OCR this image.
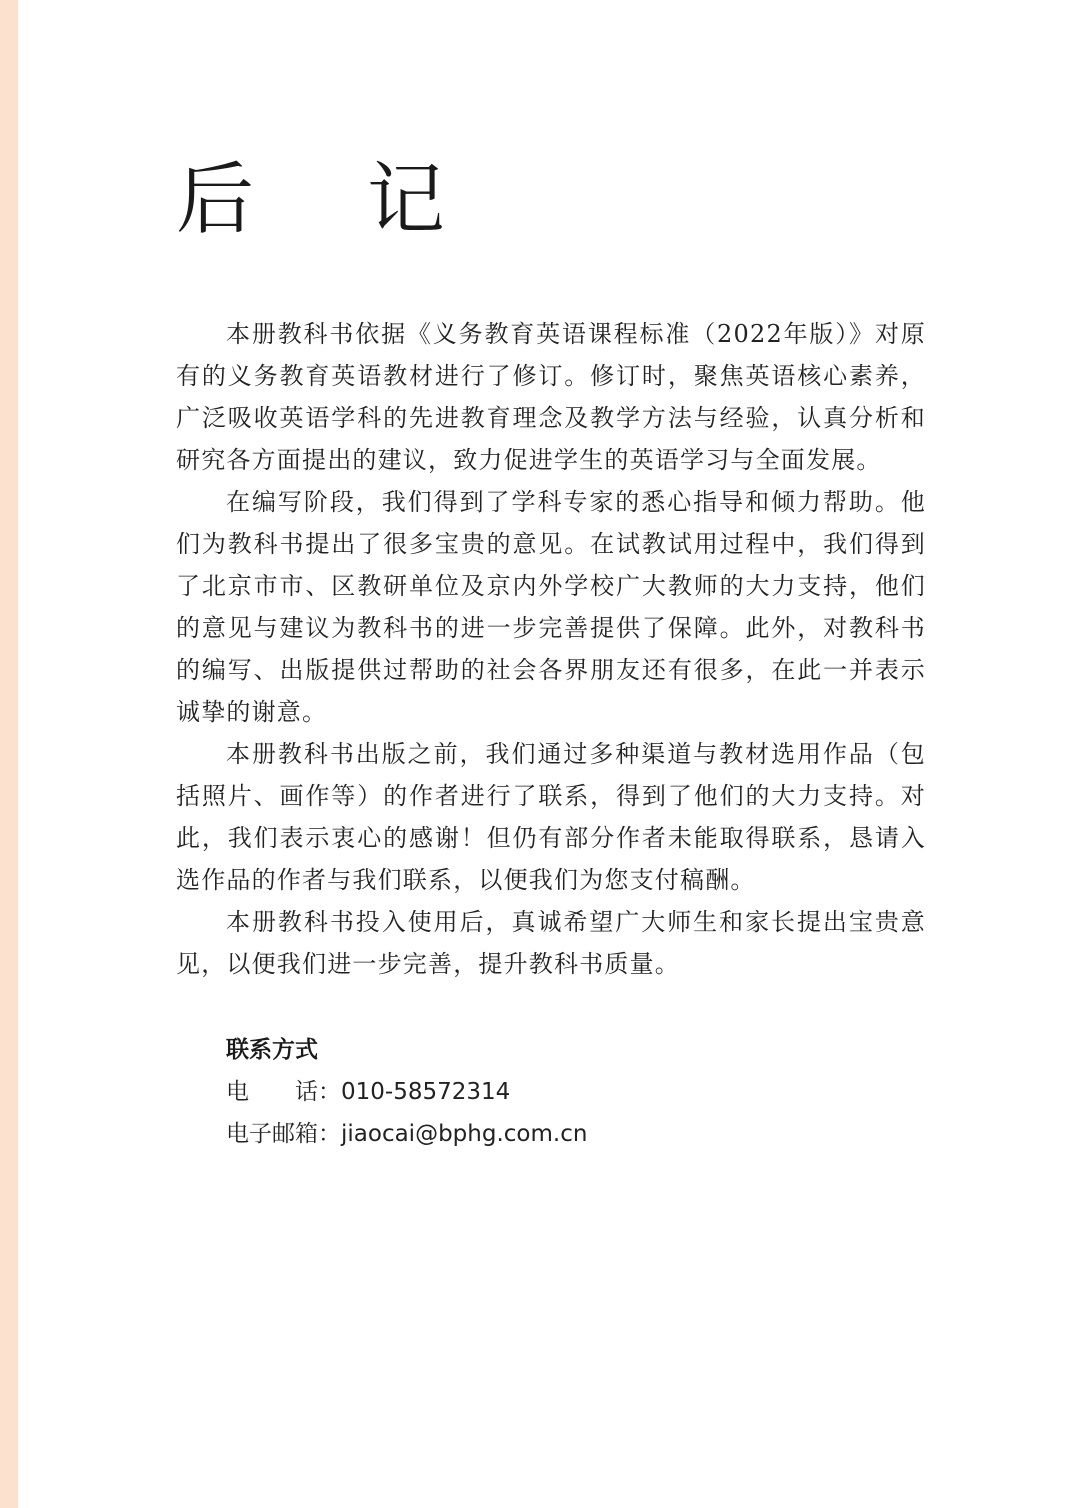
后 记

本册教科书依据《义务教育英语课程标准（2022年版）》对原有的义务教育英语教材进行了修订。修订时，聚焦英语核心素养，广泛吸收英语学科的先进教育理念及教学方法与经验，认真分析和研究各方面提出的建议，致力促进学生的英语学习与全面发展。

在编写阶段，我们得到了学科专家的悉心指导和倾力帮助。他们为教科书提出了很多宝贵的意见。在试教试用过程中，我们得到了北京市市、区教研单位及京内外学校广大教师的大力支持，他们的意见与建议为教科书的进一步完善提供了保障。此外，对教科书的编写、出版提供过帮助的社会各界朋友还有很多，在此一并表示诚挚的谢意。

本册教科书出版之前，我们通过多种渠道与教材选用作品（包括照片、画作等）的作者进行了联系，得到了他们的大力支持。对此，我们表示衷心的感谢！但仍有部分作者未能取得联系，恳请入选作品的作者与我们联系，以便我们为您支付稿酬。

本册教科书投入使用后，真诚希望广大师生和家长提出宝贵意见，以便我们进一步完善，提升教科书质量。

联系方式

电　　话：010-58572314

电子邮箱：jiaocai@bphg.com.cn
